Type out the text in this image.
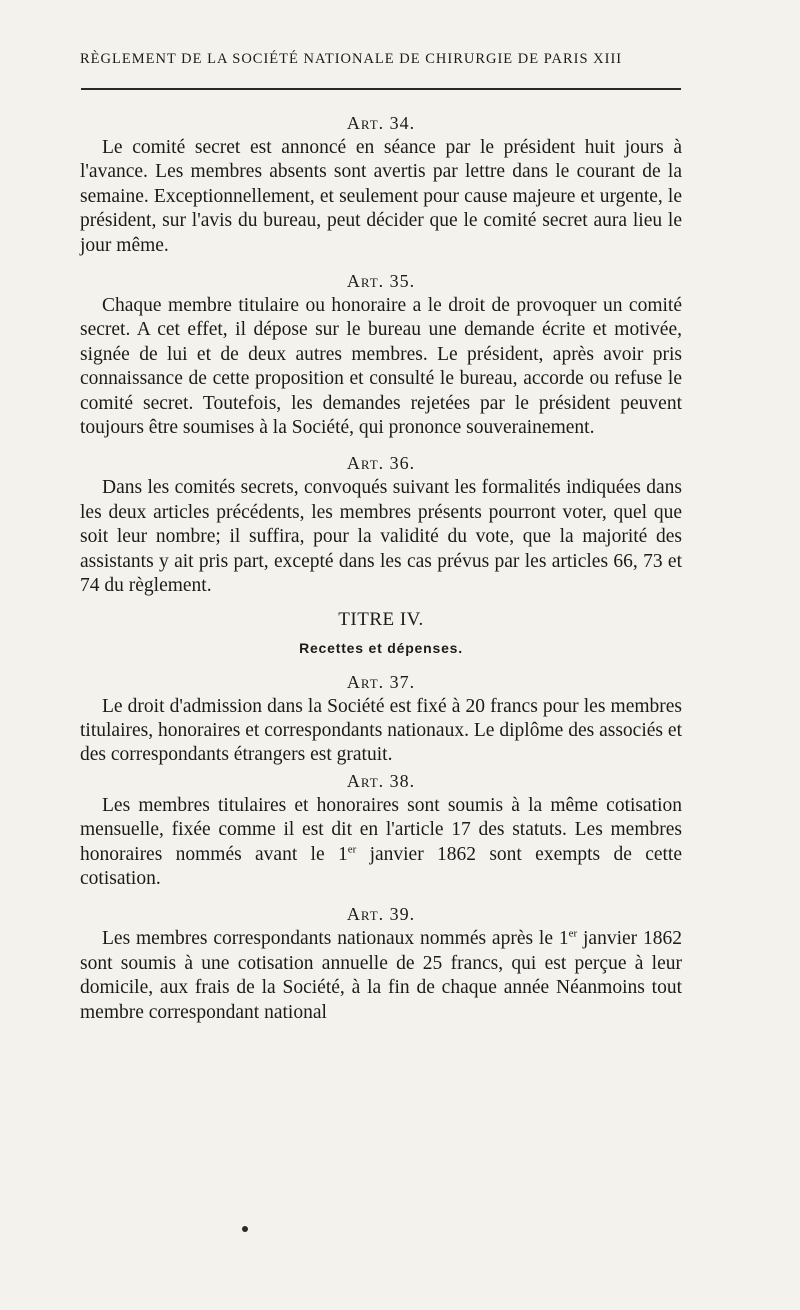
RÈGLEMENT DE LA SOCIÉTÉ NATIONALE DE CHIRURGIE DE PARIS XIII
Art. 34.

Le comité secret est annoncé en séance par le président huit jours à l'avance. Les membres absents sont avertis par lettre dans le courant de la semaine. Exceptionnellement, et seulement pour cause majeure et urgente, le président, sur l'avis du bureau, peut décider que le comité secret aura lieu le jour même.

Art. 35.

Chaque membre titulaire ou honoraire a le droit de provoquer un comité secret. A cet effet, il dépose sur le bureau une demande écrite et motivée, signée de lui et de deux autres membres. Le président, après avoir pris connaissance de cette proposition et consulté le bureau, accorde ou refuse le comité secret. Toutefois, les demandes rejetées par le président peuvent toujours être soumises à la Société, qui prononce souverainement.

Art. 36.

Dans les comités secrets, convoqués suivant les formalités indiquées dans les deux articles précédents, les membres présents pourront voter, quel que soit leur nombre; il suffira, pour la validité du vote, que la majorité des assistants y ait pris part, excepté dans les cas prévus par les articles 66, 73 et 74 du règlement.

TITRE IV.
Recettes et dépenses.
Art. 37.

Le droit d'admission dans la Société est fixé à 20 francs pour les membres titulaires, honoraires et correspondants nationaux. Le diplôme des associés et des correspondants étrangers est gratuit.

Art. 38.

Les membres titulaires et honoraires sont soumis à la même cotisation mensuelle, fixée comme il est dit en l'article 17 des statuts. Les membres honoraires nommés avant le 1er janvier 1862 sont exempts de cette cotisation.

Art. 39.

Les membres correspondants nationaux nommés après le 1er janvier 1862 sont soumis à une cotisation annuelle de 25 francs, qui est perçue à leur domicile, aux frais de la Société, à la fin de chaque année Néanmoins tout membre correspondant national
